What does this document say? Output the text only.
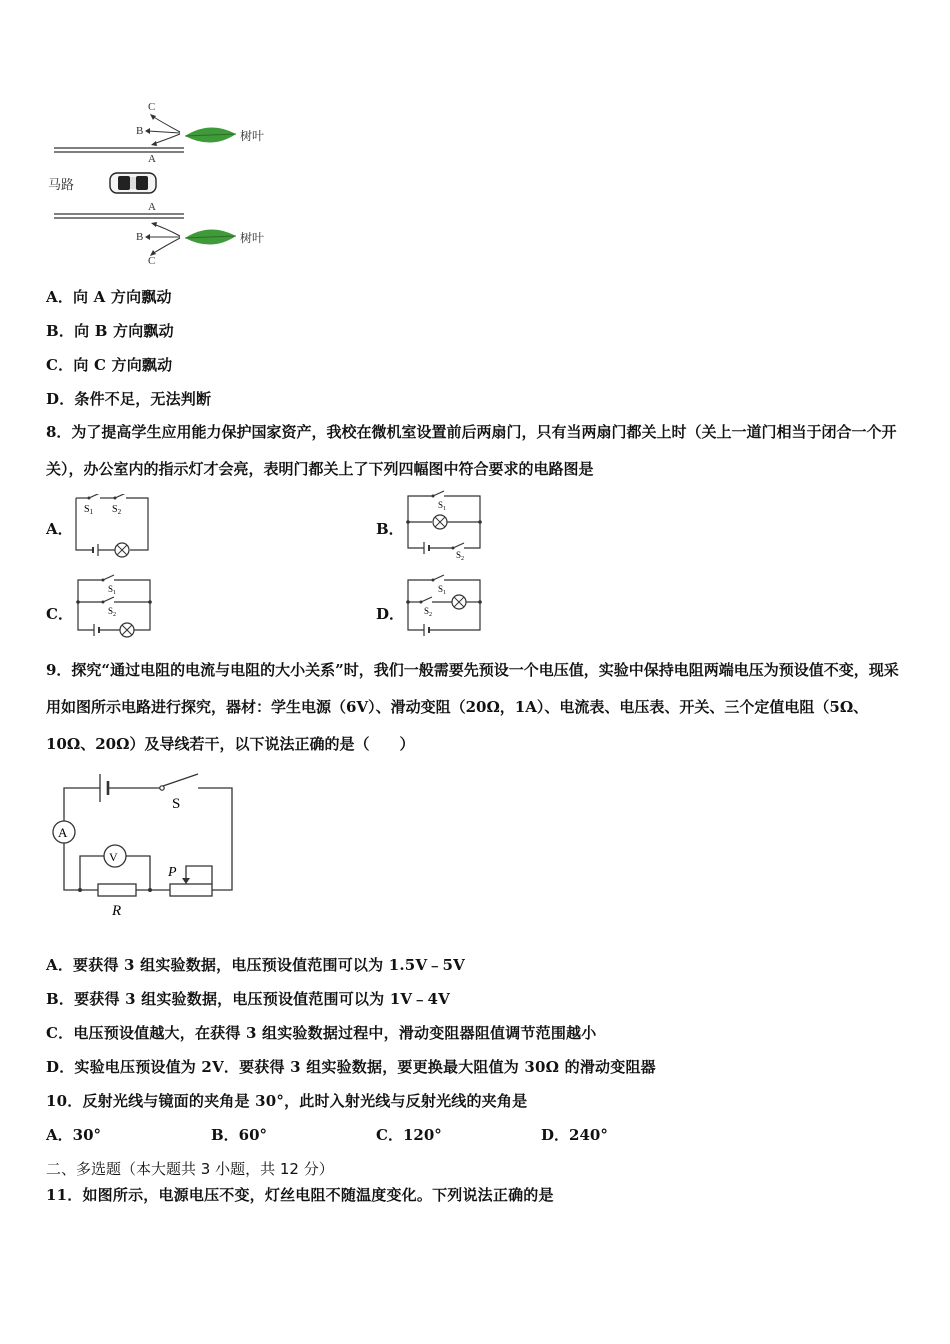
C
B
A
树叶
马路
A
B
C
树叶
A．向 A 方向飘动
B．向 B 方向飘动
C．向 C 方向飘动
D．条件不足，无法判断
8．为了提高学生应用能力保护国家资产，我校在微机室设置前后两扇门，只有当两扇门都关上时（关上一道门相当于闭合一个开关），办公室内的指示灯才会亮，表明门都关上了下列四幅图中符合要求的电路图是
A．
$S_1$ $S_2$
B．
$S_1$
$S_2$
C．
$S_1$
$S_2$	D．
$S_1$
$S_2$
9．探究“通过电阻的电流与电阻的大小关系”时，我们一般需要先预设一个电压值，实验中保持电阻两端电压为预设值不变，现采用如图所示电路进行探究，器材：学生电源（6V）、滑动变阻（20Ω，1A）、电流表、电压表、开关、三个定值电阻（5Ω、10Ω、20Ω）及导线若干，以下说法正确的是（　　）
S
A
V
R
P
A．要获得 3 组实验数据，电压预设值范围可以为 1.5V﹣5V
B．要获得 3 组实验数据，电压预设值范围可以为 1V﹣4V
C．电压预设值越大，在获得 3 组实验数据过程中，滑动变阻器阻值调节范围越小
D．实验电压预设值为 2V．要获得 3 组实验数据，要更换最大阻值为 30Ω 的滑动变阻器
10．反射光线与镜面的夹角是 30°，此时入射光线与反射光线的夹角是
A．30°	B．60°	C．120°	D．240°
二、多选题（本大题共 3 小题，共 12 分）
11．如图所示，电源电压不变，灯丝电阻不随温度变化。下列说法正确的是
